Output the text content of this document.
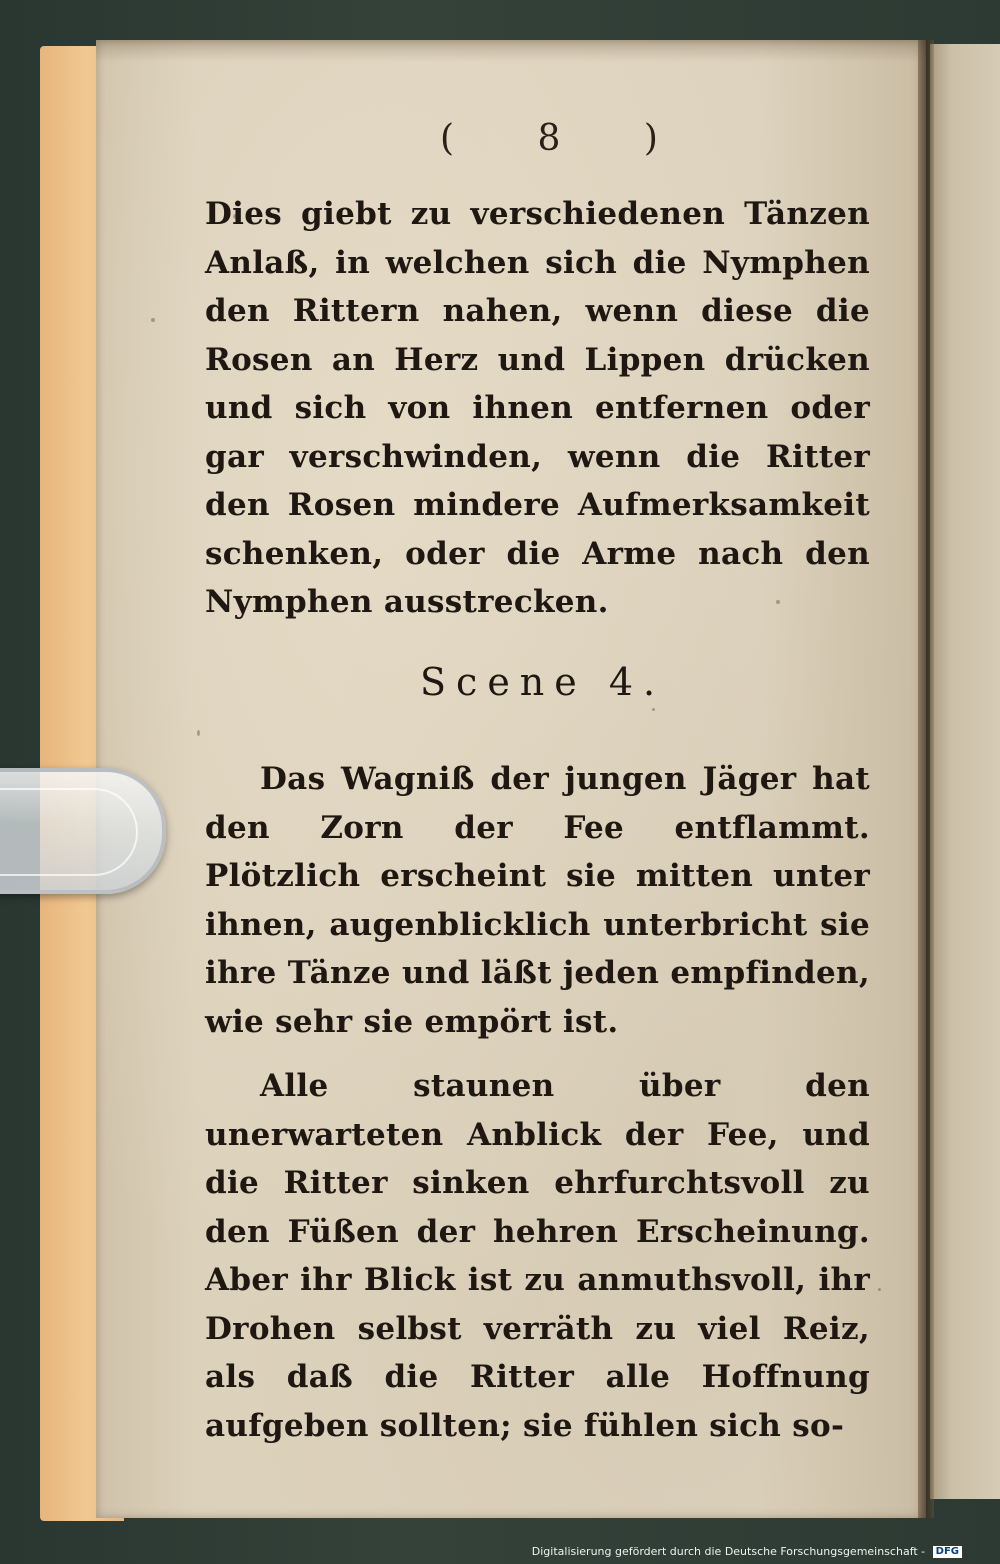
( 8 )
Dies giebt zu verschiedenen Tänzen Anlaß, in welchen sich die Nymphen den Rittern nahen, wenn diese die Rosen an Herz und Lippen drücken und sich von ihnen entfernen oder gar verschwinden, wenn die Ritter den Rosen mindere Aufmerksamkeit schenken, oder die Arme nach den Nymphen ausstrecken.
Scene 4.
Das Wagniß der jungen Jäger hat den Zorn der Fee entflammt. Plötzlich erscheint sie mitten unter ihnen, augenblicklich unterbricht sie ihre Tänze und läßt jeden empfinden, wie sehr sie empört ist.
Alle staunen über den unerwarteten Anblick der Fee, und die Ritter sinken ehrfurchtsvoll zu den Füßen der hehren Erscheinung. Aber ihr Blick ist zu anmuthsvoll, ihr Drohen selbst verräth zu viel Reiz, als daß die Ritter alle Hoffnung aufgeben sollten; sie fühlen sich so-
Digitalisierung gefördert durch die Deutsche Forschungsgemeinschaft - DFG
